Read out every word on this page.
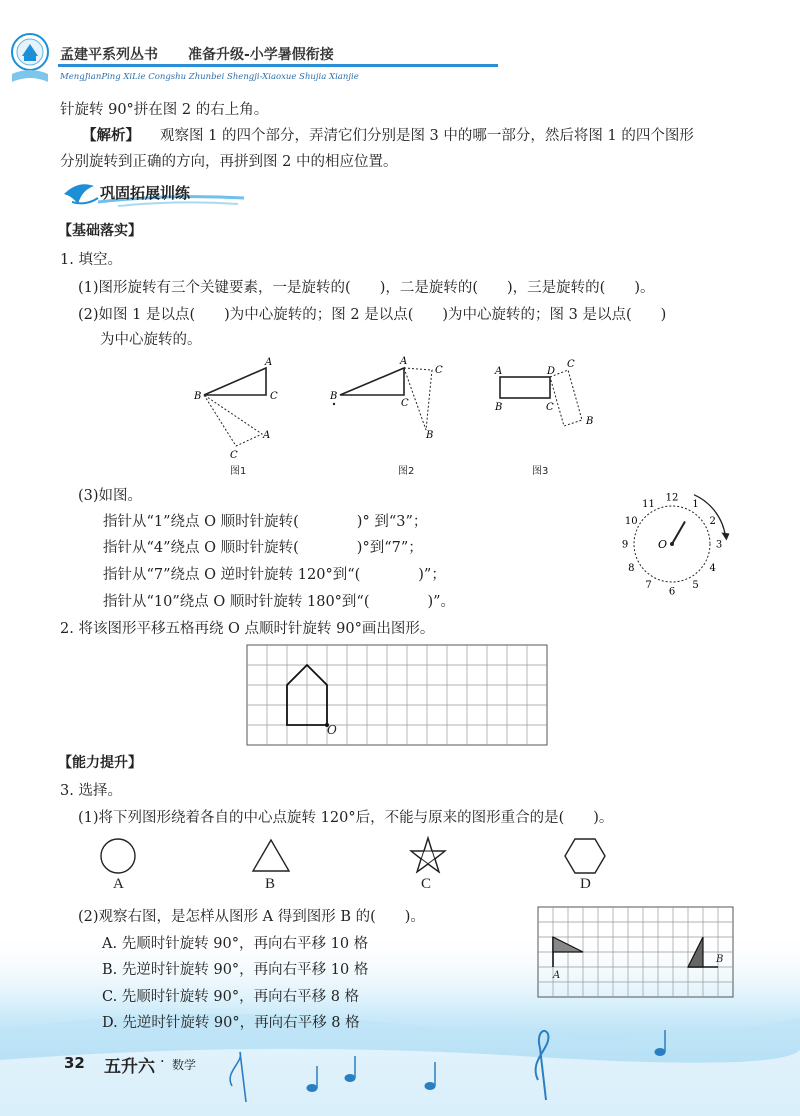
孟建平系列丛书 准备升级-小学暑假衔接
MengJianPing XiLie Congshu Zhunbei Shengji-Xiaoxue Shujia Xianjie
针旋转 90°拼在图 2 的右上角。
【解析】 观察图 1 的四个部分，弄清它们分别是图 3 中的哪一部分，然后将图 1 的四个图形
分别旋转到正确的方向，再拼到图 2 中的相应位置。
巩固拓展训练
【基础落实】
1. 填空。
(1)图形旋转有三个关键要素，一是旋转的(　　)，二是旋转的(　　)，三是旋转的(　　)。
(2)如图 1 是以点(　　)为中心旋转的；图 2 是以点(　　)为中心旋转的；图 3 是以点(　　)
为中心旋转的。
A
B	C
A
C
A
B
C
C
B
A
B
D
C
C
B
图1	图2	图3
(3)如图。
指针从“1”绕点 O 顺时针旋转(　　　　)° 到“3”；
指针从“4”绕点 O 顺时针旋转(　　　　)°到“7”；
指针从“7”绕点 O 逆时针旋转 120°到“(　　　　)”；
指针从“10”绕点 O 顺时针旋转 180°到“(　　　　)”。
12
1
2
3
4
5
6
7
8
9
10
11
O
2. 将该图形平移五格再绕 O 点顺时针旋转 90°画出图形。
O
【能力提升】
3. 选择。
(1)将下列图形绕着各自的中心点旋转 120°后，不能与原来的图形重合的是(　　)。
A	B	C	D
(2)观察右图，是怎样从图形 A 得到图形 B 的(　　)。
A. 先顺时针旋转 90°，再向右平移 10 格
B. 先逆时针旋转 90°，再向右平移 10 格
C. 先顺时针旋转 90°，再向右平移 8 格
D. 先逆时针旋转 90°，再向右平移 8 格
A
B
32 五升六 · 数学
